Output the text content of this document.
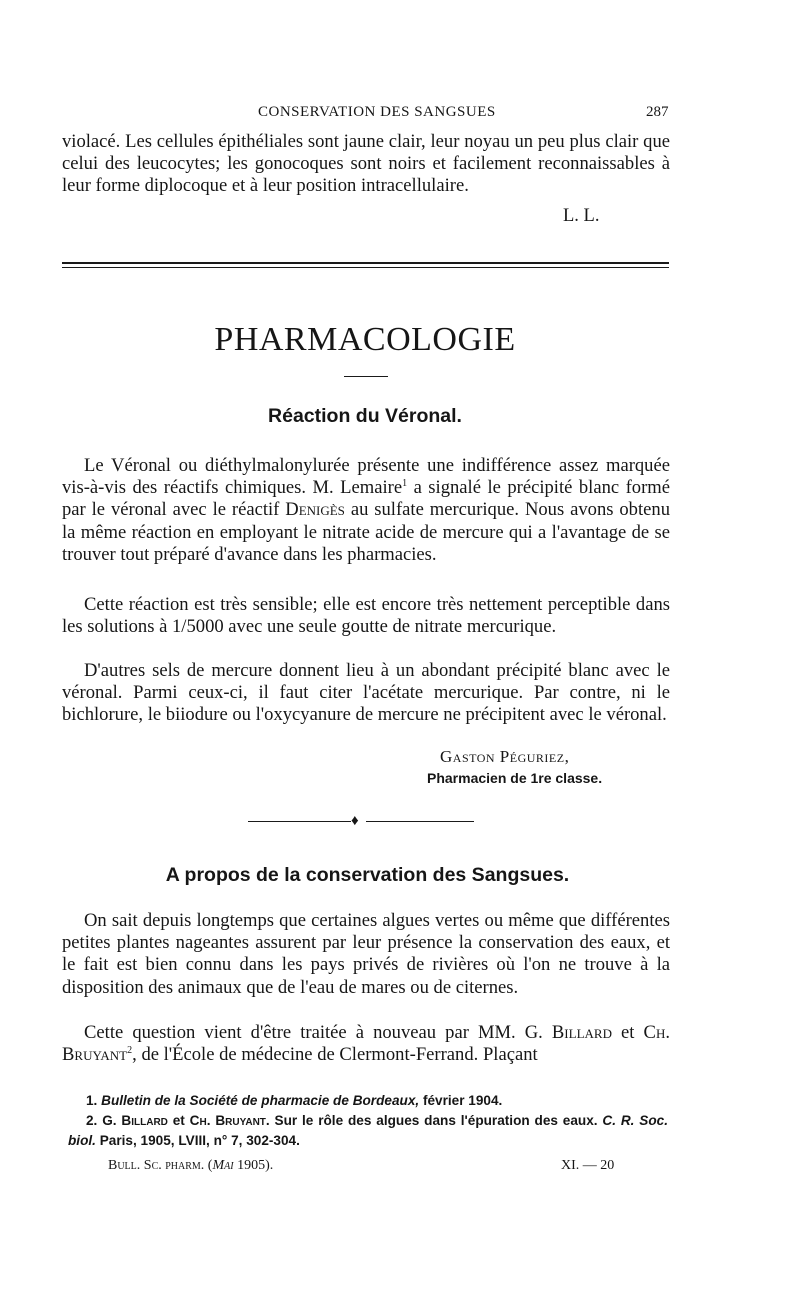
CONSERVATION DES SANGSUES	287

violacé. Les cellules épithéliales sont jaune clair, leur noyau un peu plus clair que celui des leucocytes; les gonocoques sont noirs et facilement reconnaissables à leur forme diplocoque et à leur position intracellulaire.

L. L.
PHARMACOLOGIE
Réaction du Véronal.

Le Véronal ou diéthylmalonylurée présente une indifférence assez marquée vis-à-vis des réactifs chimiques. M. Lemaire$^1$ a signalé le précipité blanc formé par le véronal avec le réactif Denigès au sulfate mercurique. Nous avons obtenu la même réaction en employant le nitrate acide de mercure qui a l'avantage de se trouver tout préparé d'avance dans les pharmacies.

Cette réaction est très sensible; elle est encore très nettement perceptible dans les solutions à 1/5000 avec une seule goutte de nitrate mercurique.

D'autres sels de mercure donnent lieu à un abondant précipité blanc avec le véronal. Parmi ceux-ci, il faut citer l'acétate mercurique. Par contre, ni le bichlorure, le biiodure ou l'oxycyanure de mercure ne précipitent avec le véronal.

Gaston Péguriez,
Pharmacien de 1re classe.
♦
A propos de la conservation des Sangsues.

On sait depuis longtemps que certaines algues vertes ou même que différentes petites plantes nageantes assurent par leur présence la conservation des eaux, et le fait est bien connu dans les pays privés de rivières où l'on ne trouve à la disposition des animaux que de l'eau de mares ou de citernes.

Cette question vient d'être traitée à nouveau par MM. G. Billard et Ch. Bruyant$^2$, de l'École de médecine de Clermont-Ferrand. Plaçant

1. Bulletin de la Société de pharmacie de Bordeaux, février 1904.
2. G. Billard et Ch. Bruyant. Sur le rôle des algues dans l'épuration des eaux. C. R. Soc. biol. Paris, 1905, LVIII, n° 7, 302-304.
Bull. Sc. pharm. (Mai 1905).	XI. — 20
